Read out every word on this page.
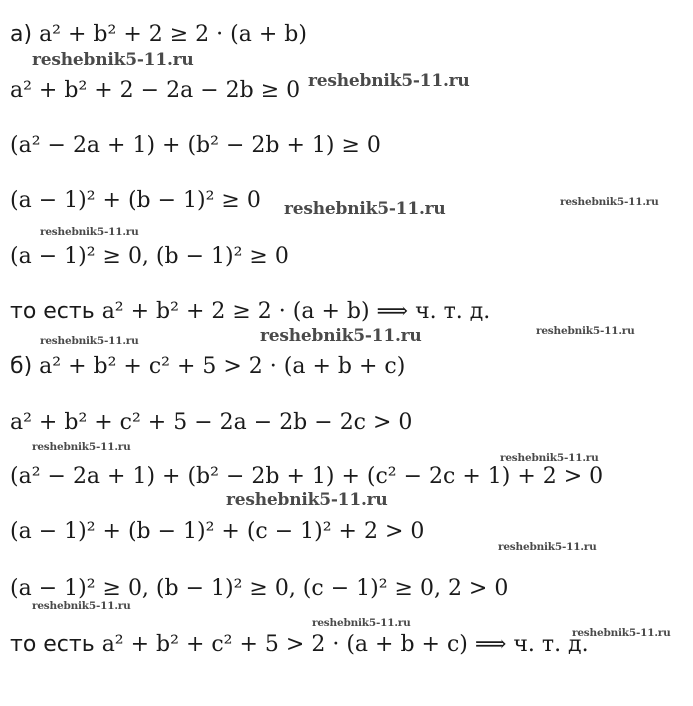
а) a² + b² + 2 ≥ 2 · (a + b)
a² + b² + 2 − 2a − 2b ≥ 0
(a² − 2a + 1) + (b² − 2b + 1) ≥ 0
(a − 1)² + (b − 1)² ≥ 0
(a − 1)² ≥ 0, (b − 1)² ≥ 0
то есть a² + b² + 2 ≥ 2 · (a + b) ⟹ ч. т. д.
б) a² + b² + c² + 5 > 2 · (a + b + c)
a² + b² + c² + 5 − 2a − 2b − 2c > 0
(a² − 2a + 1) + (b² − 2b + 1) + (c² − 2c + 1) + 2 > 0
(a − 1)² + (b − 1)² + (c − 1)² + 2 > 0
(a − 1)² ≥ 0, (b − 1)² ≥ 0, (c − 1)² ≥ 0, 2 > 0
то есть a² + b² + c² + 5 > 2 · (a + b + c) ⟹ ч. т. д.
reshebnik5-11.ru
reshebnik5-11.ru
reshebnik5-11.ru	reshebnik5-11.ru
reshebnik5-11.ru
reshebnik5-11.ru	reshebnik5-11.ru
reshebnik5-11.ru
reshebnik5-11.ru
reshebnik5-11.ru
reshebnik5-11.ru
reshebnik5-11.ru
reshebnik5-11.ru
reshebnik5-11.ru
reshebnik5-11.ru
